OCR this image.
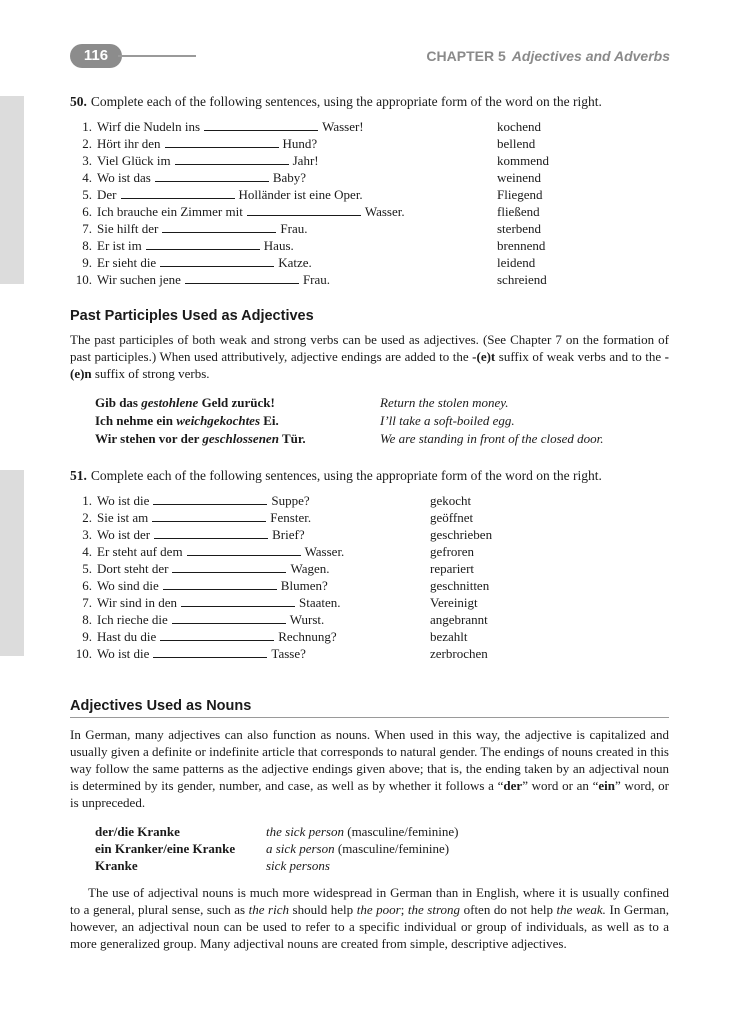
116	CHAPTER 5 Adjectives and Adverbs
50. Complete each of the following sentences, using the appropriate form of the word on the right.
1. Wirf die Nudeln ins	Wasser!	kochend
2. Hört ihr den	Hund?	bellend
3. Viel Glück im	Jahr!	kommend
4. Wo ist das	Baby?	weinend
5. Der	Holländer ist eine Oper.	Fliegend
6. Ich brauche ein Zimmer mit	Wasser.	fließend
7. Sie hilft der	Frau.	sterbend
8. Er ist im	Haus.	brennend
9. Er sieht die	Katze.	leidend
10. Wir suchen jene	Frau.	schreiend
Past Participles Used as Adjectives
The past participles of both weak and strong verbs can be used as adjectives. (See Chapter 7 on the formation of past participles.) When used attributively, adjective endings are added to the -(e)t suffix of weak verbs and to the -(e)n suffix of strong verbs.
Gib das gestohlene Geld zurück!	Return the stolen money.
Ich nehme ein weichgekochtes Ei.	I’ll take a soft-boiled egg.
Wir stehen vor der geschlossenen Tür.	We are standing in front of the closed door.
51. Complete each of the following sentences, using the appropriate form of the word on the right.
1. Wo ist die	Suppe?	gekocht
2. Sie ist am	Fenster.	geöffnet
3. Wo ist der	Brief?	geschrieben
4. Er steht auf dem	Wasser.	gefroren
5. Dort steht der	Wagen.	repariert
6. Wo sind die	Blumen?	geschnitten
7. Wir sind in den	Staaten.	Vereinigt
8. Ich rieche die	Wurst.	angebrannt
9. Hast du die	Rechnung?	bezahlt
10. Wo ist die	Tasse?	zerbrochen
Adjectives Used as Nouns
In German, many adjectives can also function as nouns. When used in this way, the adjective is capitalized and usually given a definite or indefinite article that corresponds to natural gender. The endings of nouns created in this way follow the same patterns as the adjective endings given above; that is, the ending taken by an adjectival noun is determined by its gender, number, and case, as well as by whether it follows a “der” word or an “ein” word, or is unpreceded.
der/die Kranke	the sick person (masculine/feminine)
ein Kranker/eine Kranke a sick person (masculine/feminine)
Kranke	sick persons
The use of adjectival nouns is much more widespread in German than in English, where it is usually confined to a general, plural sense, such as the rich should help the poor; the strong often do not help the weak. In German, however, an adjectival noun can be used to refer to a specific individual or group of individuals, as well as to a more generalized group. Many adjectival nouns are created from simple, descriptive adjectives.
